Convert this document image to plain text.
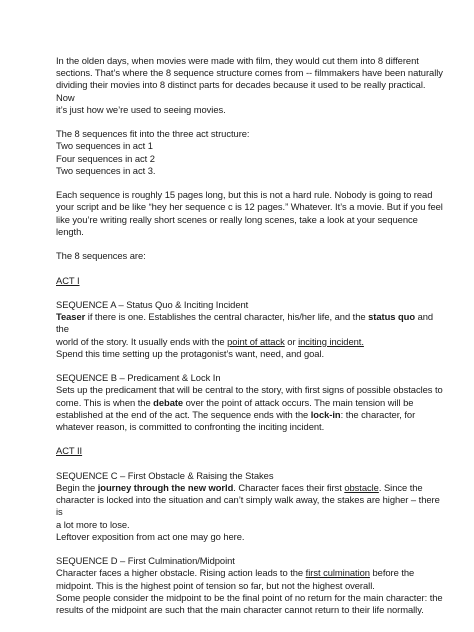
In the olden days, when movies were made with film, they would cut them into 8 different

sections. That’s where the 8 sequence structure comes from -- filmmakers have been naturally

dividing their movies into 8 distinct parts for decades because it used to be really practical. Now

it’s just how we’re used to seeing movies.

The 8 sequences fit into the three act structure:

Two sequences in act 1

Four sequences in act 2

Two sequences in act 3.

Each sequence is roughly 15 pages long, but this is not a hard rule. Nobody is going to read

your script and be like “hey her sequence c is 12 pages.” Whatever. It’s a movie. But if you feel

like you’re writing really short scenes or really long scenes, take a look at your sequence length.

The 8 sequences are:

ACT I

SEQUENCE A – Status Quo & Inciting Incident

Teaser if there is one. Establishes the central character, his/her life, and the status quo and the

world of the story. It usually ends with the point of attack or inciting incident.

Spend this time setting up the protagonist’s want, need, and goal.

SEQUENCE B – Predicament & Lock In

Sets up the predicament that will be central to the story, with first signs of possible obstacles to

come. This is when the debate over the point of attack occurs. The main tension will be

established at the end of the act. The sequence ends with the lock-in: the character, for

whatever reason, is committed to confronting the inciting incident.

ACT II

SEQUENCE C – First Obstacle & Raising the Stakes

Begin the journey through the new world. Character faces their first obstacle. Since the

character is locked into the situation and can’t simply walk away, the stakes are higher – there is

a lot more to lose.

Leftover exposition from act one may go here.

SEQUENCE D – First Culmination/Midpoint

Character faces a higher obstacle. Rising action leads to the first culmination before the

midpoint. This is the highest point of tension so far, but not the highest overall.

Some people consider the midpoint to be the final point of no return for the main character: the

results of the midpoint are such that the main character cannot return to their life normally.
